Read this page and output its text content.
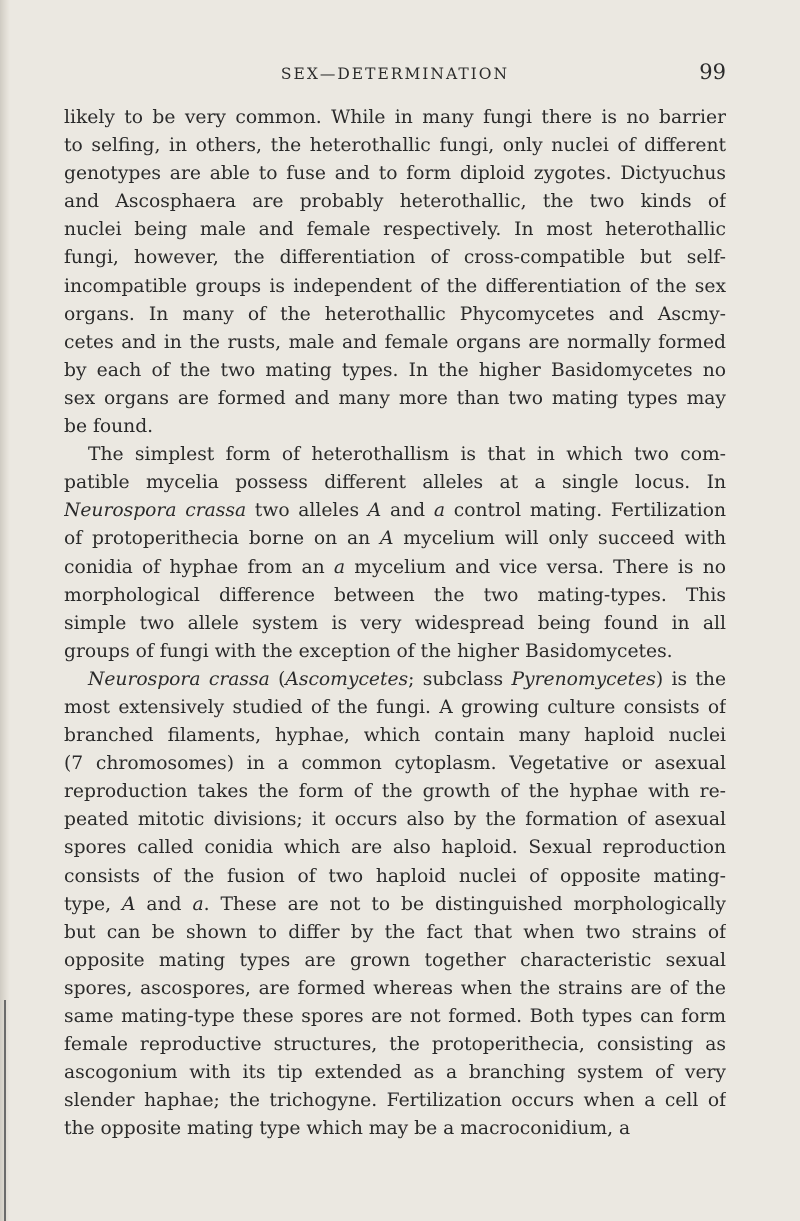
SEX—DETERMINATION	99
likely to be very common. While in many fungi there is no barrier
to selfing, in others, the heterothallic fungi, only nuclei of different
genotypes are able to fuse and to form diploid zygotes. Dictyuchus
and Ascosphaera are probably heterothallic, the two kinds of
nuclei being male and female respectively. In most heterothallic
fungi, however, the differentiation of cross-compatible but self-
incompatible groups is independent of the differentiation of the sex
organs. In many of the heterothallic Phycomycetes and Ascmy-
cetes and in the rusts, male and female organs are normally formed
by each of the two mating types. In the higher Basidomycetes no
sex organs are formed and many more than two mating types may
be found.
The simplest form of heterothallism is that in which two com-
patible mycelia possess different alleles at a single locus. In
Neurospora crassa two alleles A and a control mating. Fertilization
of protoperithecia borne on an A mycelium will only succeed with
conidia of hyphae from an a mycelium and vice versa. There is no
morphological difference between the two mating-types. This
simple two allele system is very widespread being found in all
groups of fungi with the exception of the higher Basidomycetes.
Neurospora crassa (Ascomycetes; subclass Pyrenomycetes) is the
most extensively studied of the fungi. A growing culture consists of
branched filaments, hyphae, which contain many haploid nuclei
(7 chromosomes) in a common cytoplasm. Vegetative or asexual
reproduction takes the form of the growth of the hyphae with re-
peated mitotic divisions; it occurs also by the formation of asexual
spores called conidia which are also haploid. Sexual reproduction
consists of the fusion of two haploid nuclei of opposite mating-
type, A and a. These are not to be distinguished morphologically
but can be shown to differ by the fact that when two strains of
opposite mating types are grown together characteristic sexual
spores, ascospores, are formed whereas when the strains are of the
same mating-type these spores are not formed. Both types can form
female reproductive structures, the protoperithecia, consisting as
ascogonium with its tip extended as a branching system of very
slender haphae; the trichogyne. Fertilization occurs when a cell of
the opposite mating type which may be a macroconidium, a
